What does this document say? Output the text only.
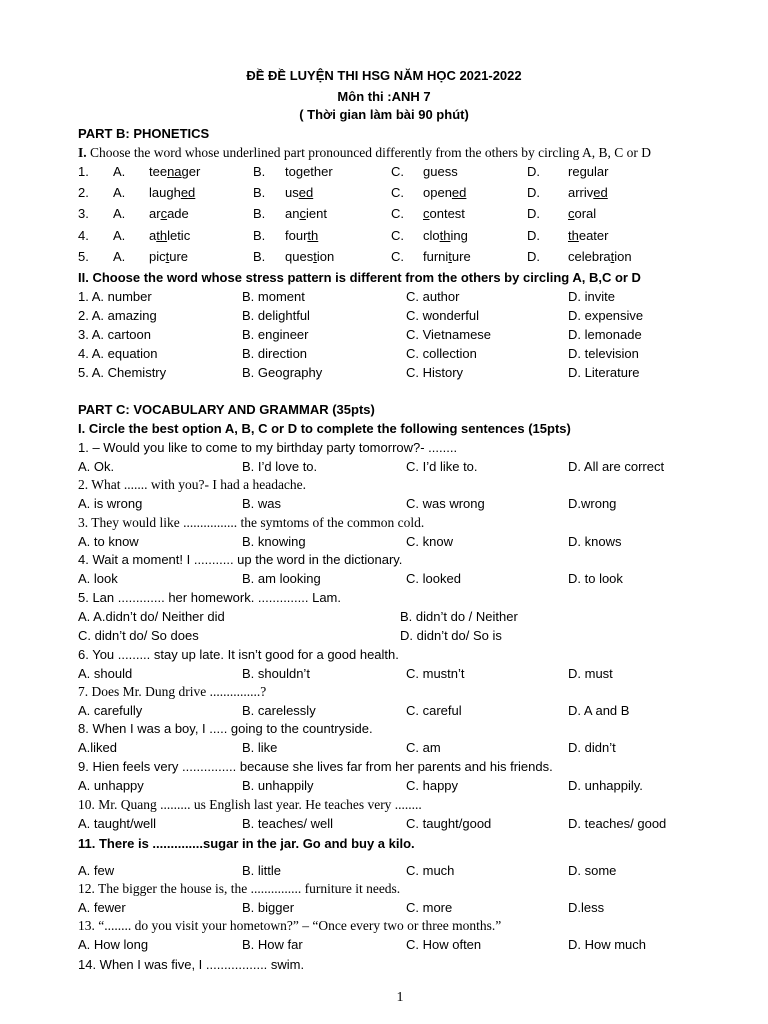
ĐỀ ĐỀ LUYỆN THI HSG NĂM HỌC 2021-2022
Môn thi :ANH 7
( Thời gian làm bài 90 phút)
PART B: PHONETICS
I. Choose the word whose underlined part pronounced differently from the others by circling A, B, C or D
1. A. teenager	B. together	C. guess	D. regular
2. A. laughed	B. used	C. opened	D. arrived
3. A. arcade	B. ancient	C. contest	D. coral
4. A. athletic	B. fourth	C. clothing	D. theater
5. A. picture	B. question	C. furniture	D. celebration
II. Choose the word whose stress pattern is different from the others by circling A, B,C or D
1. A. number	B. moment	C. author	D. invite
2. A. amazing	B. delightful	C. wonderful	D. expensive
3. A. cartoon	B. engineer	C. Vietnamese	D. lemonade
4. A. equation	B. direction	C. collection	D. television
5. A. Chemistry	B. Geography	C. History	D. Literature
PART C: VOCABULARY AND GRAMMAR (35pts)
I. Circle the best option A, B, C or D to complete the following sentences (15pts)
1. – Would you like to come to my birthday party tomorrow?- ........
A. Ok.	B. I’d love to.	C. I’d like to.	D. All are correct
2. What ....... with you?- I had a headache.
A. is wrong	B. was	C. was wrong	D.wrong
3. They would like ................ the symtoms of the common cold.
A. to know	B. knowing	C. know	D. knows
4. Wait a moment! I ........... up the word in the dictionary.
A. look	B. am looking	C. looked	D. to look
5. Lan ............. her homework. .............. Lam.
A. A.didn’t do/ Neither did	B. didn’t do / Neither
C. didn’t do/ So does	D. didn’t do/ So is
6. You ......... stay up late. It isn’t good for a good health.
A. should	B. shouldn’t	C. mustn’t	D. must
7. Does Mr. Dung drive ...............?
A. carefully	B. carelessly	C. careful	D. A and B
8. When I was a boy, I ..... going to the countryside.
A.liked	B. like	C. am	D. didn’t
9. Hien feels very ............... because she lives far from her parents and his friends.
A. unhappy	B. unhappily	C. happy	D. unhappily.
10. Mr. Quang ......... us English last year. He teaches very ........
A. taught/well	B. teaches/ well	C. taught/good	D. teaches/ good
11. There is ..............sugar in the jar. Go and buy a kilo.
A. few	B. little	C. much	D. some
12. The bigger the house is, the ............... furniture it needs.
A. fewer	B. bigger	C. more	D.less
13. “........ do you visit your hometown?” – “Once every two or three months.”
A. How long	B. How far	C. How often	D. How much
14. When I was five, I ................. swim.
1
